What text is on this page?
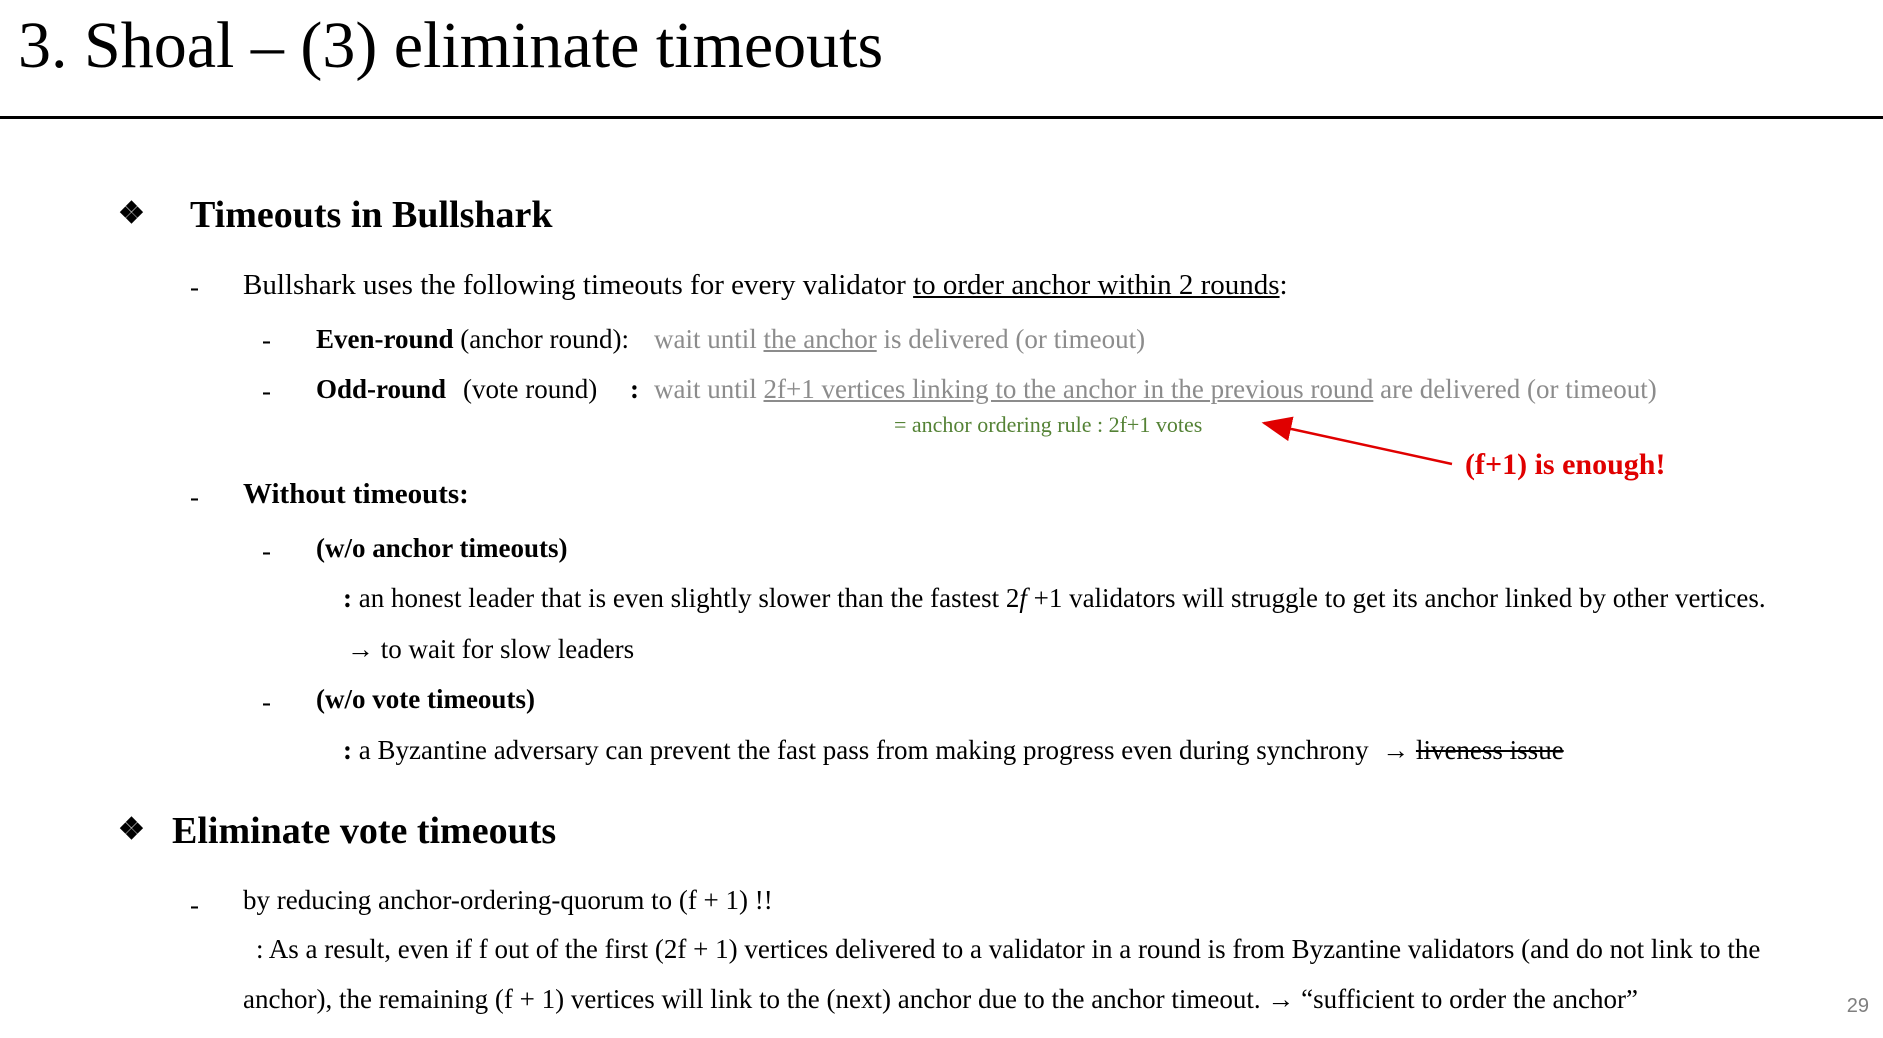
3. Shoal – (3) eliminate timeouts
❖ Timeouts in Bullshark
- Bullshark uses the following timeouts for every validator to order anchor within 2 rounds:
- Even-round (anchor round): wait until the anchor is delivered (or timeout)
- Odd-round (vote round) : wait until 2f+1 vertices linking to the anchor in the previous round are delivered (or timeout)
= anchor ordering rule : 2f+1 votes
(f+1) is enough!
- Without timeouts:
- (w/o anchor timeouts)
: an honest leader that is even slightly slower than the fastest 2f +1 validators will struggle to get its anchor linked by other vertices.
→ to wait for slow leaders
- (w/o vote timeouts)
: a Byzantine adversary can prevent the fast pass from making progress even during synchrony → liveness issue
❖ Eliminate vote timeouts
- by reducing anchor-ordering-quorum to (f + 1) !!
: As a result, even if f out of the first (2f + 1) vertices delivered to a validator in a round is from Byzantine validators (and do not link to the
anchor), the remaining (f + 1) vertices will link to the (next) anchor due to the anchor timeout. → “sufficient to order the anchor”	29
